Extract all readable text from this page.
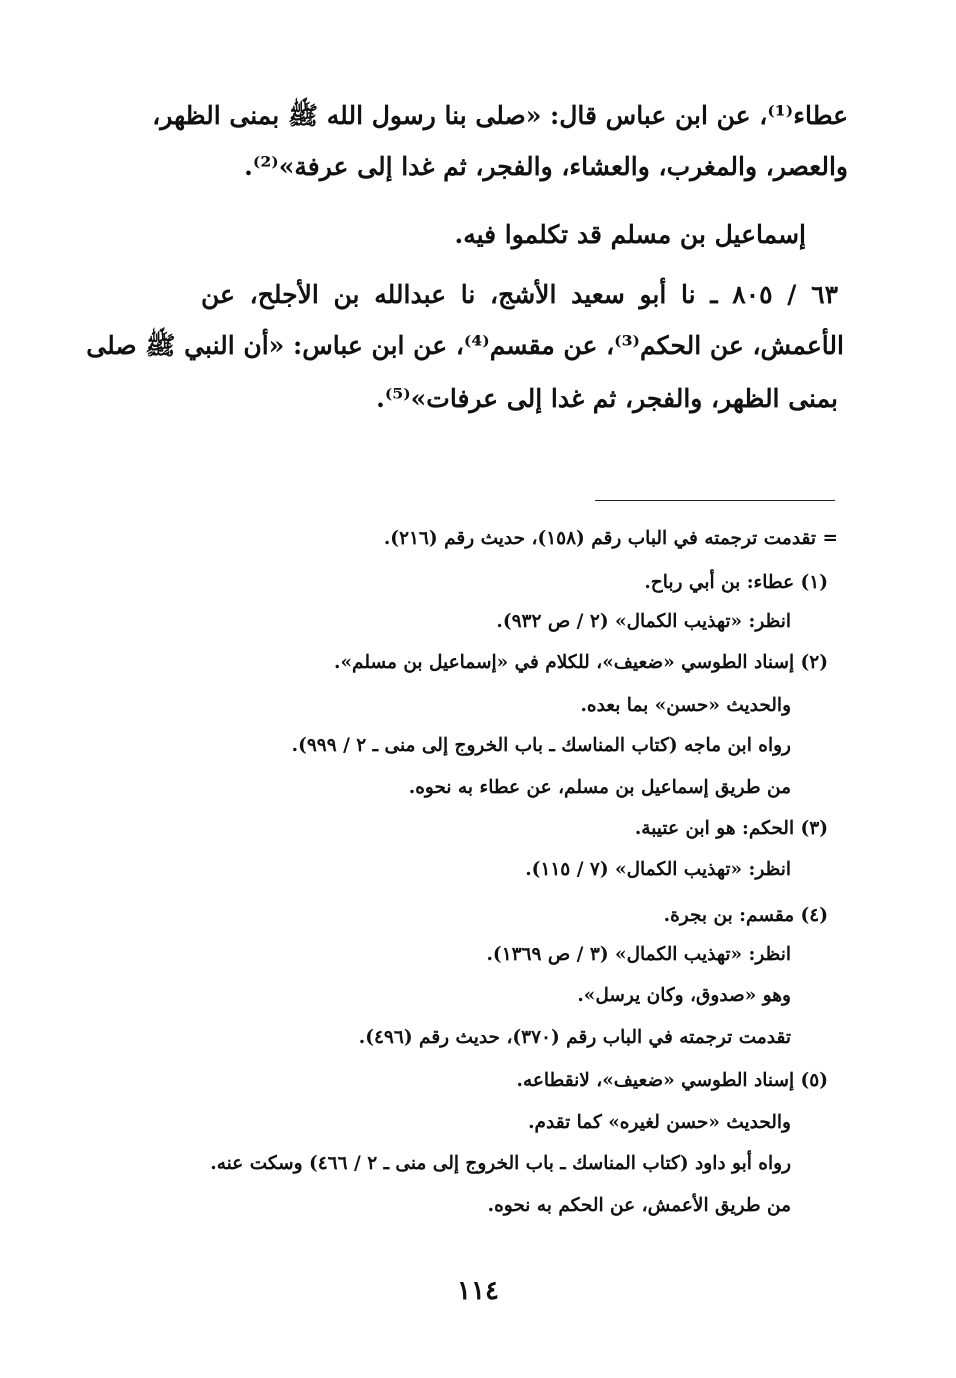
عطاء⁽¹⁾، عن ابن عباس قال: «صلى بنا رسول الله ﷺ بمنى الظهر،
والعصر، والمغرب، والعشاء، والفجر، ثم غدا إلى عرفة»⁽²⁾.
إسماعيل بن مسلم قد تكلموا فيه.
٦٣ / ٨٠٥ ـ نا أبو سعيد الأشج، نا عبدالله بن الأجلح، عن
الأعمش، عن الحكم⁽³⁾، عن مقسم⁽⁴⁾، عن ابن عباس: «أن النبي ﷺ صلى
بمنى الظهر، والفجر، ثم غدا إلى عرفات»⁽⁵⁾.
= تقدمت ترجمته في الباب رقم (١٥٨)، حديث رقم (٢١٦).
(١) عطاء: بن أبي رباح.
انظر: «تهذيب الكمال» (٢ / ص ٩٣٢).
(٢) إسناد الطوسي «ضعيف»، للكلام في «إسماعيل بن مسلم».
والحديث «حسن» بما بعده.
رواه ابن ماجه (كتاب المناسك ـ باب الخروج إلى منى ـ ٢ / ٩٩٩).
من طريق إسماعيل بن مسلم، عن عطاء به نحوه.
(٣) الحكم: هو ابن عتيبة.
انظر: «تهذيب الكمال» (٧ / ١١٥).
(٤) مقسم: بن بجرة.
انظر: «تهذيب الكمال» (٣ / ص ١٣٦٩).
وهو «صدوق، وكان يرسل».
تقدمت ترجمته في الباب رقم (٣٧٠)، حديث رقم (٤٩٦).
(٥) إسناد الطوسي «ضعيف»، لانقطاعه.
والحديث «حسن لغيره» كما تقدم.
رواه أبو داود (كتاب المناسك ـ باب الخروج إلى منى ـ ٢ / ٤٦٦) وسكت عنه.
من طريق الأعمش، عن الحكم به نحوه.
١١٤
